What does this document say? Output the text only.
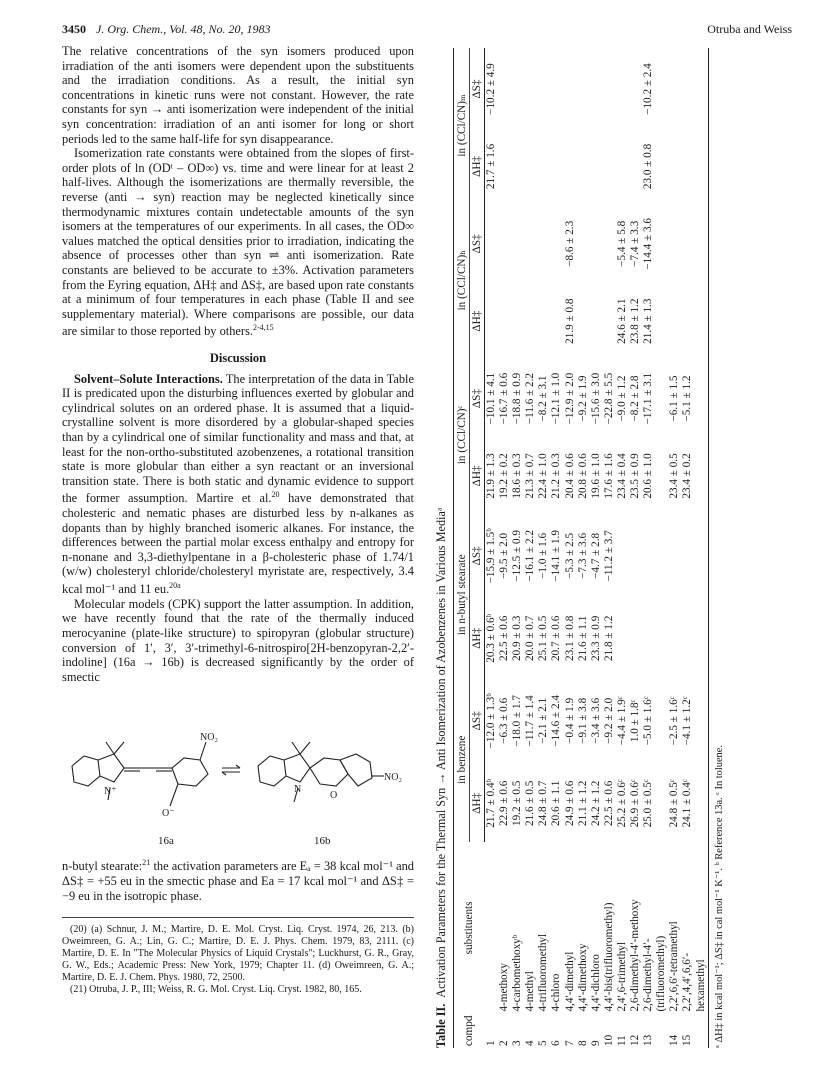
3450 J. Org. Chem., Vol. 48, No. 20, 1983	Otruba and Weiss

The relative concentrations of the syn isomers produced upon irradiation of the anti isomers were dependent upon the substituents and the irradiation conditions. As a result, the initial syn concentrations in kinetic runs were not constant. However, the rate constants for syn → anti isomerization were independent of the initial syn concentration: irradiation of an anti isomer for long or short periods led to the same half-life for syn disappearance.

Isomerization rate constants were obtained from the slopes of first-order plots of ln (ODᵗ – OD∞) vs. time and were linear for at least 2 half-lives. Although the isomerizations are thermally reversible, the reverse (anti → syn) reaction may be neglected kinetically since thermodynamic mixtures contain undetectable amounts of the syn isomers at the temperatures of our experiments. In all cases, the OD∞ values matched the optical densities prior to irradiation, indicating the absence of processes other than syn ⇌ anti isomerization. Rate constants are believed to be accurate to ±3%. Activation parameters from the Eyring equation, ΔH‡ and ΔS‡, are based upon rate constants at a minimum of four temperatures in each phase (Table II and see supplementary material). Where comparisons are possible, our data are similar to those reported by others.$^{2-4,15}$

Discussion

Solvent–Solute Interactions. The interpretation of the data in Table II is predicated upon the disturbing influences exerted by globular and cylindrical solutes on an ordered phase. It is assumed that a liquid-crystalline solvent is more disordered by a globular-shaped species than by a cylindrical one of similar functionality and mass and that, at least for the non-ortho-substituted azobenzenes, a rotational transition state is more globular than either a syn reactant or an inversional transition state. There is both static and dynamic evidence to support the former assumption. Martire et al.$^{20}$ have demonstrated that cholesteric and nematic phases are disturbed less by n-alkanes as dopants than by highly branched isomeric alkanes. For instance, the differences between the partial molar excess enthalpy and entropy for n-nonane and 3,3-diethylpentane in a β-cholesteric phase of 1.74/1 (w/w) cholesteryl chloride/cholesteryl myristate are, respectively, 3.4 kcal mol⁻¹ and 11 eu.$^{20a}$

Molecular models (CPK) support the latter assumption. In addition, we have recently found that the rate of the thermally induced merocyanine (plate-like structure) to spiropyran (globular structure) conversion of 1′, 3′, 3′-trimethyl-6-nitrospiro[2H-benzopyran-2,2′-indoline] (16a → 16b) is decreased significantly by the order of smectic

NO₂
N⁺
O⁻
N
O
NO₂
16a	16b

n-butyl stearate:$^{21}$ the activation parameters are Eₐ = 38 kcal mol⁻¹ and ΔS‡ = +55 eu in the smectic phase and Ea = 17 kcal mol⁻¹ and ΔS‡ = −9 eu in the isotropic phase.

(20) (a) Schnur, J. M.; Martire, D. E. Mol. Cryst. Liq. Cryst. 1974, 26, 213. (b) Oweimreen, G. A.; Lin, G. C.; Martire, D. E. J. Phys. Chem. 1979, 83, 2111. (c) Martire, D. E. In "The Molecular Physics of Liquid Crystals"; Luckhurst, G. R., Gray, G. W., Eds.; Academic Press: New York, 1979; Chapter 11. (d) Oweimreen, G. A.; Martire, D. E. J. Chem. Phys. 1980, 72, 2500.

(21) Otruba, J. P., III; Weiss, R. G. Mol. Cryst. Liq. Cryst. 1982, 80, 165.

Table II.Activation Parameters for the Thermal Syn → Anti Isomerization of Azobenzenes in Various Mediaᵃ
compd	substituents	in benzene		in n-butyl stearate		in (CCl/CN)ᶜ		in (CCl/CN)ₕ		in (CCl/CN)ₘ	
		ΔH‡	ΔS‡	ΔH‡	ΔS‡	ΔH‡	ΔS‡	ΔH‡	ΔS‡	ΔH‡	ΔS‡
1		21.7 ± 0.4ᵇ	−12.0 ± 1.3ᵇ	20.3 ± 0.6ᵇ	−15.9 ± 1.5ᵇ	21.9 ± 1.3	−10.1 ± 4.1			21.7 ± 1.6	−10.2 ± 4.9
2	4-methoxy	22.9 ± 0.6	−6.3 ± 0.6	22.5 ± 0.6	−9.5 ± 2.0	19.2 ± 0.2	−16.7 ± 0.6				
3	4-carbomethoxyᵇ	19.2 ± 0.5	−18.0 ± 1.7	20.9 ± 0.3	−12.5 ± 0.9	18.6 ± 0.3	−18.8 ± 0.9				
4	4-methyl	21.6 ± 0.5	−11.7 ± 1.4	20.0 ± 0.7	−16.1 ± 2.2	21.3 ± 0.7	−11.6 ± 2.2				
5	4-trifluoromethyl	24.8 ± 0.7	−2.1 ± 2.1	25.1 ± 0.5	−1.0 ± 1.6	22.4 ± 1.0	−8.2 ± 3.1				
6	4-chloro	20.6 ± 1.1	−14.6 ± 2.4	20.7 ± 0.6	−14.1 ± 1.9	21.2 ± 0.3	−12.1 ± 1.0				
7	4,4′-dimethyl	24.9 ± 0.6	−0.4 ± 1.9	23.1 ± 0.8	−5.3 ± 2.5	20.4 ± 0.6	−12.9 ± 2.0	21.9 ± 0.8	−8.6 ± 2.3		
8	4,4′-dimethoxy	21.1 ± 1.2	−9.1 ± 3.8	21.6 ± 1.1	−7.3 ± 3.6	20.8 ± 0.6	−9.2 ± 1.9				
9	4,4′-dichloro	24.2 ± 1.2	−3.4 ± 3.6	23.3 ± 0.9	−4.7 ± 2.8	19.6 ± 1.0	−15.6 ± 3.0				
10	4,4′-bis(trifluoromethyl)	22.5 ± 0.6	−9.2 ± 2.0	21.8 ± 1.2	−11.2 ± 3.7	17.6 ± 1.6	−22.8 ± 5.5				
11	2,4′,6-trimethyl	25.2 ± 0.6ᶜ	−4.4 ± 1.9ᶜ			23.4 ± 0.4	−9.0 ± 1.2	24.6 ± 2.1	−5.4 ± 5.8		
12	2,6-dimethyl-4′-methoxy	26.9 ± 0.6ᶜ	1.0 ± 1.8ᶜ			23.5 ± 0.9	−8.2 ± 2.8	23.8 ± 1.2	−7.4 ± 3.3		
13	2,6-dimethyl-4′-	25.0 ± 0.5ᶜ	−5.0 ± 1.6ᶜ			20.6 ± 1.0	−17.1 ± 3.1	21.4 ± 1.3	−14.4 ± 3.6	23.0 ± 0.8	−10.2 ± 2.4
	(trifluoromethyl)										
14	2,2′,6,6′-tetramethyl	24.8 ± 0.5ᶜ	−2.5 ± 1.6ᶜ			23.4 ± 0.5	−6.1 ± 1.5				
15	2,2′,4,4′,6,6′-	24.1 ± 0.4ᶜ	−4.1 ± 1.2ᶜ			23.4 ± 0.2	−5.1 ± 1.2				
	hexamethyl										ᵃ ΔH‡ in kcal mol⁻¹; ΔS‡ in cal mol⁻¹ K⁻¹. ᵇ Reference 13a. ᶜ In toluene.
